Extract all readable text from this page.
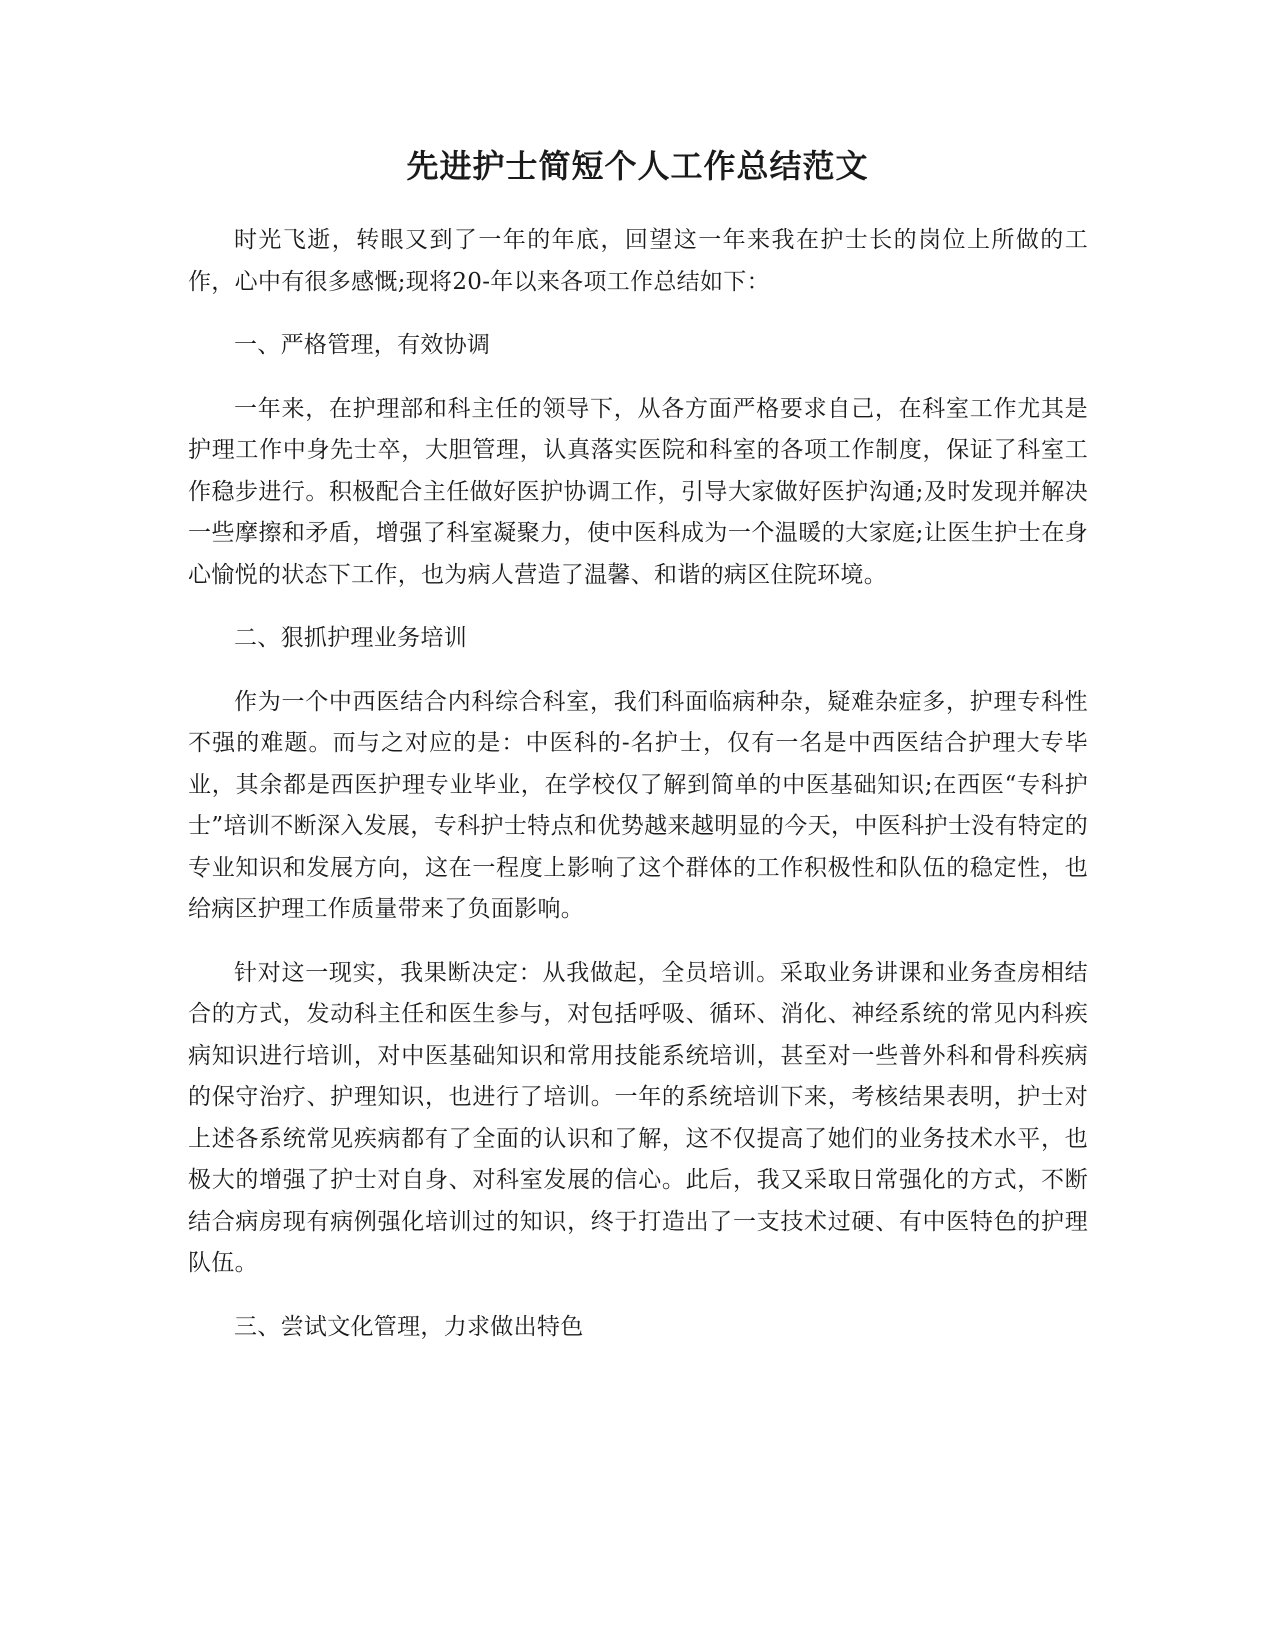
先进护士简短个人工作总结范文

时光飞逝，转眼又到了一年的年底，回望这一年来我在护士长的岗位上所做的工作，心中有很多感慨;现将20-年以来各项工作总结如下：

一、严格管理，有效协调

一年来，在护理部和科主任的领导下，从各方面严格要求自己，在科室工作尤其是护理工作中身先士卒，大胆管理，认真落实医院和科室的各项工作制度，保证了科室工作稳步进行。积极配合主任做好医护协调工作，引导大家做好医护沟通;及时发现并解决一些摩擦和矛盾，增强了科室凝聚力，使中医科成为一个温暖的大家庭;让医生护士在身心愉悦的状态下工作，也为病人营造了温馨、和谐的病区住院环境。

二、狠抓护理业务培训

作为一个中西医结合内科综合科室，我们科面临病种杂，疑难杂症多，护理专科性不强的难题。而与之对应的是：中医科的-名护士，仅有一名是中西医结合护理大专毕业，其余都是西医护理专业毕业，在学校仅了解到简单的中医基础知识;在西医“专科护士”培训不断深入发展，专科护士特点和优势越来越明显的今天，中医科护士没有特定的专业知识和发展方向，这在一程度上影响了这个群体的工作积极性和队伍的稳定性，也给病区护理工作质量带来了负面影响。

针对这一现实，我果断决定：从我做起，全员培训。采取业务讲课和业务查房相结合的方式，发动科主任和医生参与，对包括呼吸、循环、消化、神经系统的常见内科疾病知识进行培训，对中医基础知识和常用技能系统培训，甚至对一些普外科和骨科疾病的保守治疗、护理知识，也进行了培训。一年的系统培训下来，考核结果表明，护士对上述各系统常见疾病都有了全面的认识和了解，这不仅提高了她们的业务技术水平，也极大的增强了护士对自身、对科室发展的信心。此后，我又采取日常强化的方式，不断结合病房现有病例强化培训过的知识，终于打造出了一支技术过硬、有中医特色的护理队伍。

三、尝试文化管理，力求做出特色
